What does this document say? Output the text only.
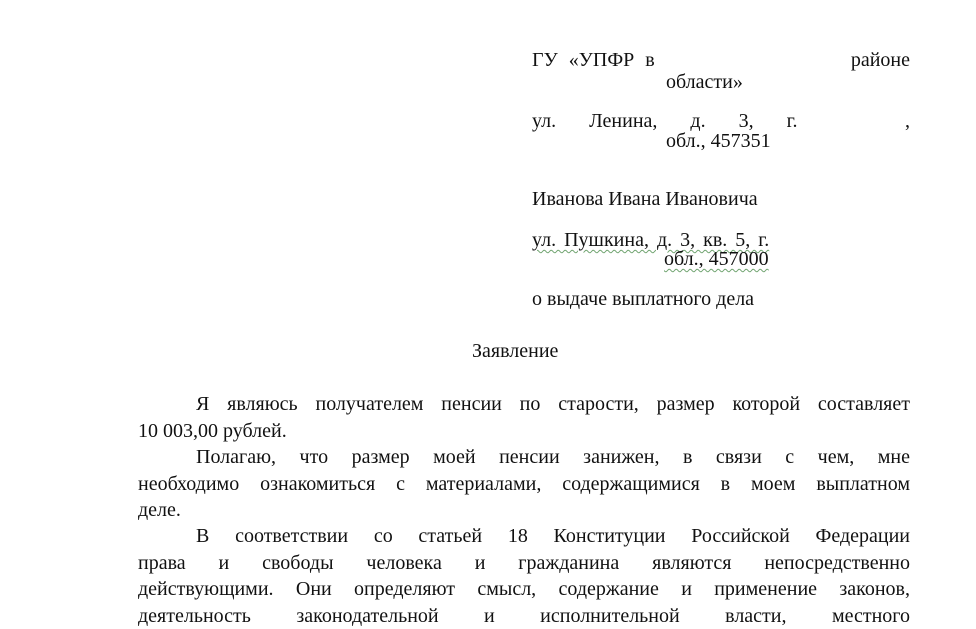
ГУ «УПФР в	районе
области»
ул. Ленина, д. 3, г.	,
обл., 457351
Иванова Ивана Ивановича
ул. Пушкина, д. 3, кв. 5, г.
обл., 457000
о выдаче выплатного дела
Заявление
Я являюсь получателем пенсии по старости, размер которой составляет
10 003,00 рублей.
Полагаю, что размер моей пенсии занижен, в связи с чем, мне
необходимо ознакомиться с материалами, содержащимися в моем выплатном
деле.
В соответствии со статьей 18 Конституции Российской Федерации
права и свободы человека и гражданина являются непосредственно
действующими. Они определяют смысл, содержание и применение законов,
деятельность законодательной и исполнительной власти, местного
